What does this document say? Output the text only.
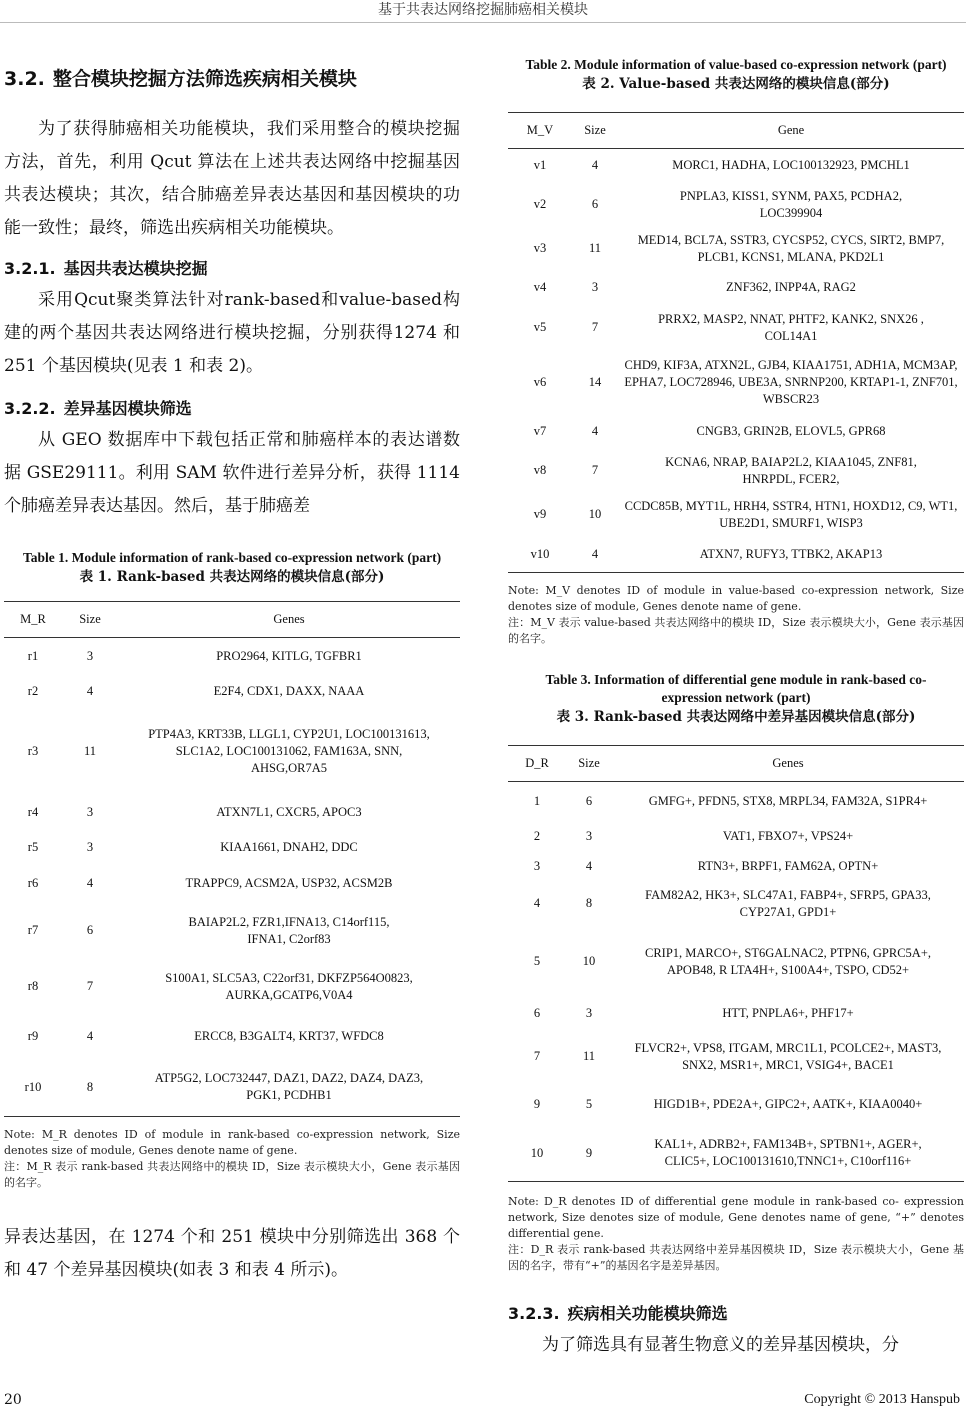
基于共表达网络挖掘肺癌相关模块
3.2. 整合模块挖掘方法筛选疾病相关模块

为了获得肺癌相关功能模块，我们采用整合的模块挖掘方法，首先，利用 Qcut 算法在上述共表达网络中挖掘基因共表达模块；其次，结合肺癌差异表达基因和基因模块的功能一致性；最终，筛选出疾病相关功能模块。

3.2.1. 基因共表达模块挖掘

采用Qcut聚类算法针对rank-based和value-based构建的两个基因共表达网络进行模块挖掘，分别获得1274 和 251 个基因模块(见表 1 和表 2)。

3.2.2. 差异基因模块筛选

从 GEO 数据库中下载包括正常和肺癌样本的表达谱数据 GSE29111。利用 SAM 软件进行差异分析，获得 1114 个肺癌差异表达基因。然后，基于肺癌差

Table 1. Module information of rank-based co-expression network (part)
表 1. Rank-based 共表达网络的模块信息(部分)
M_R	Size	Genes
r1	3	PRO2964, KITLG, TGFBR1
r2	4	E2F4, CDX1, DAXX, NAAA
r3	11	PTP4A3, KRT33B, LLGL1, CYP2U1, LOC100131613, SLC1A2, LOC100131062, FAM163A, SNN, AHSG,OR7A5
r4	3	ATXN7L1, CXCR5, APOC3
r5	3	KIAA1661, DNAH2, DDC
r6	4	TRAPPC9, ACSM2A, USP32, ACSM2B
r7	6	BAIAP2L2, FZR1,IFNA13, C14orf115, IFNA1, C2orf83
r8	7	S100A1, SLC5A3, C22orf31, DKFZP564O0823, AURKA,GCATP6,V0A4
r9	4	ERCC8, B3GALT4, KRT37, WFDC8
r10	8	ATP5G2, LOC732447, DAZ1, DAZ2, DAZ4, DAZ3, PGK1, PCDHB1
Note: M_R denotes ID of module in rank-based co-expression network, Size denotes size of module, Genes denote name of gene.
注：M_R 表示 rank-based 共表达网络中的模块 ID，Size 表示模块大小，Gene 表示基因的名字。

异表达基因，在 1274 个和 251 模块中分别筛选出 368 个和 47 个差异基因模块(如表 3 和表 4 所示)。

Table 2. Module information of value-based co-expression network (part)
表 2. Value-based 共表达网络的模块信息(部分)
M_V	Size	Gene
v1	4	MORC1, HADHA, LOC100132923, PMCHL1
v2	6	PNPLA3, KISS1, SYNM, PAX5, PCDHA2, LOC399904
v3	11	MED14, BCL7A, SSTR3, CYCSP52, CYCS, SIRT2, BMP7, PLCB1, KCNS1, MLANA, PKD2L1
v4	3	ZNF362, INPP4A, RAG2
v5	7	PRRX2, MASP2, NNAT, PHTF2, KANK2, SNX26 , COL14A1
v6	14	CHD9, KIF3A, ATXN2L, GJB4, KIAA1751, ADH1A, MCM3AP, EPHA7, LOC728946, UBE3A, SNRNP200, KRTAP1-1, ZNF701, WBSCR23
v7	4	CNGB3, GRIN2B, ELOVL5, GPR68
v8	7	KCNA6, NRAP, BAIAP2L2, KIAA1045, ZNF81, HNRPDL, FCER2,
v9	10	CCDC85B, MYT1L, HRH4, SSTR4, HTN1, HOXD12, C9, WT1, UBE2D1, SMURF1, WISP3
v10	4	ATXN7, RUFY3, TTBK2, AKAP13
Note: M_V denotes ID of module in value-based co-expression network, Size denotes size of module, Genes denote name of gene.
注：M_V 表示 value-based 共表达网络中的模块 ID，Size 表示模块大小，Gene 表示基因的名字。
Table 3. Information of differential gene module in rank-based co-expression network (part)
表 3. Rank-based 共表达网络中差异基因模块信息(部分)
D_R	Size	Genes
1	6	GMFG+, PFDN5, STX8, MRPL34, FAM32A, S1PR4+
2	3	VAT1, FBXO7+, VPS24+
3	4	RTN3+, BRPF1, FAM62A, OPTN+
4	8	FAM82A2, HK3+, SLC47A1, FABP4+, SFRP5, GPA33, CYP27A1, GPD1+
5	10	CRIP1, MARCO+, ST6GALNAC2, PTPN6, GPRC5A+, APOB48, R LTA4H+, S100A4+, TSPO, CD52+
6	3	HTT, PNPLA6+, PHF17+
7	11	FLVCR2+, VPS8, ITGAM, MRC1L1, PCOLCE2+, MAST3, SNX2, MSR1+, MRC1, VSIG4+, BACE1
9	5	HIGD1B+, PDE2A+, GIPC2+, AATK+, KIAA0040+
10	9	KAL1+, ADRB2+, FAM134B+, SPTBN1+, AGER+, CLIC5+, LOC100131610,TNNC1+, C10orf116+
Note: D_R denotes ID of differential gene module in rank-based co- expression network, Size denotes size of module, Gene denotes name of gene, “+” denotes differential gene.
注：D_R 表示 rank-based 共表达网络中差异基因模块 ID，Size 表示模块大小，Gene 基因的名字，带有“+”的基因名字是差异基因。
3.2.3. 疾病相关功能模块筛选

为了筛选具有显著生物意义的差异基因模块，分

20	Copyright © 2013 Hanspub
